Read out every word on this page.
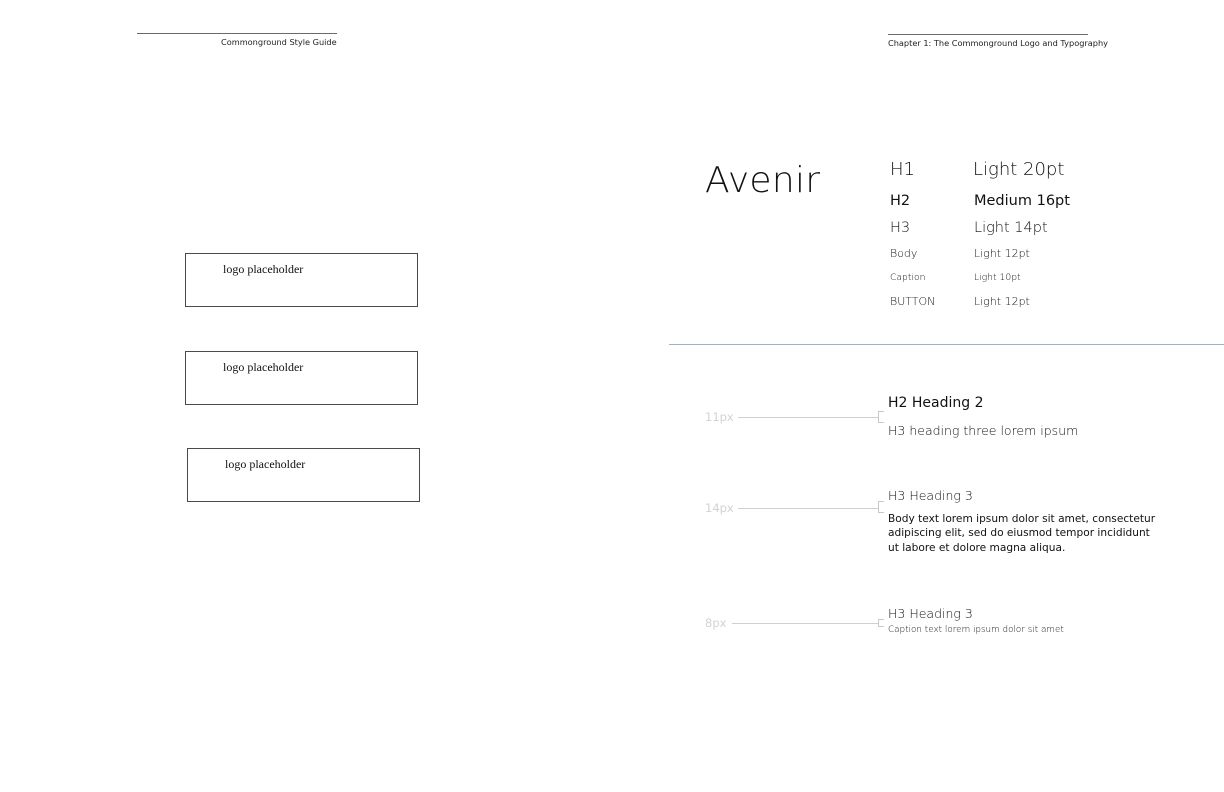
Commonground Style Guide
logo placeholder
logo placeholder
logo placeholder
Chapter 1: The Commonground Logo and Typography
Avenir	H1	Light 20pt
H2	Medium 16pt
H3	Light 14pt
Body	Light 12pt
Caption	Light 10pt
BUTTON	Light 12pt
11px
H2 Heading 2
H3 heading three lorem ipsum
14px
H3 Heading 3
Body text lorem ipsum dolor sit amet, consectetur
adipiscing elit, sed do eiusmod tempor incididunt
ut labore et dolore magna aliqua.
8px
H3 Heading 3
Caption text lorem ipsum dolor sit amet
